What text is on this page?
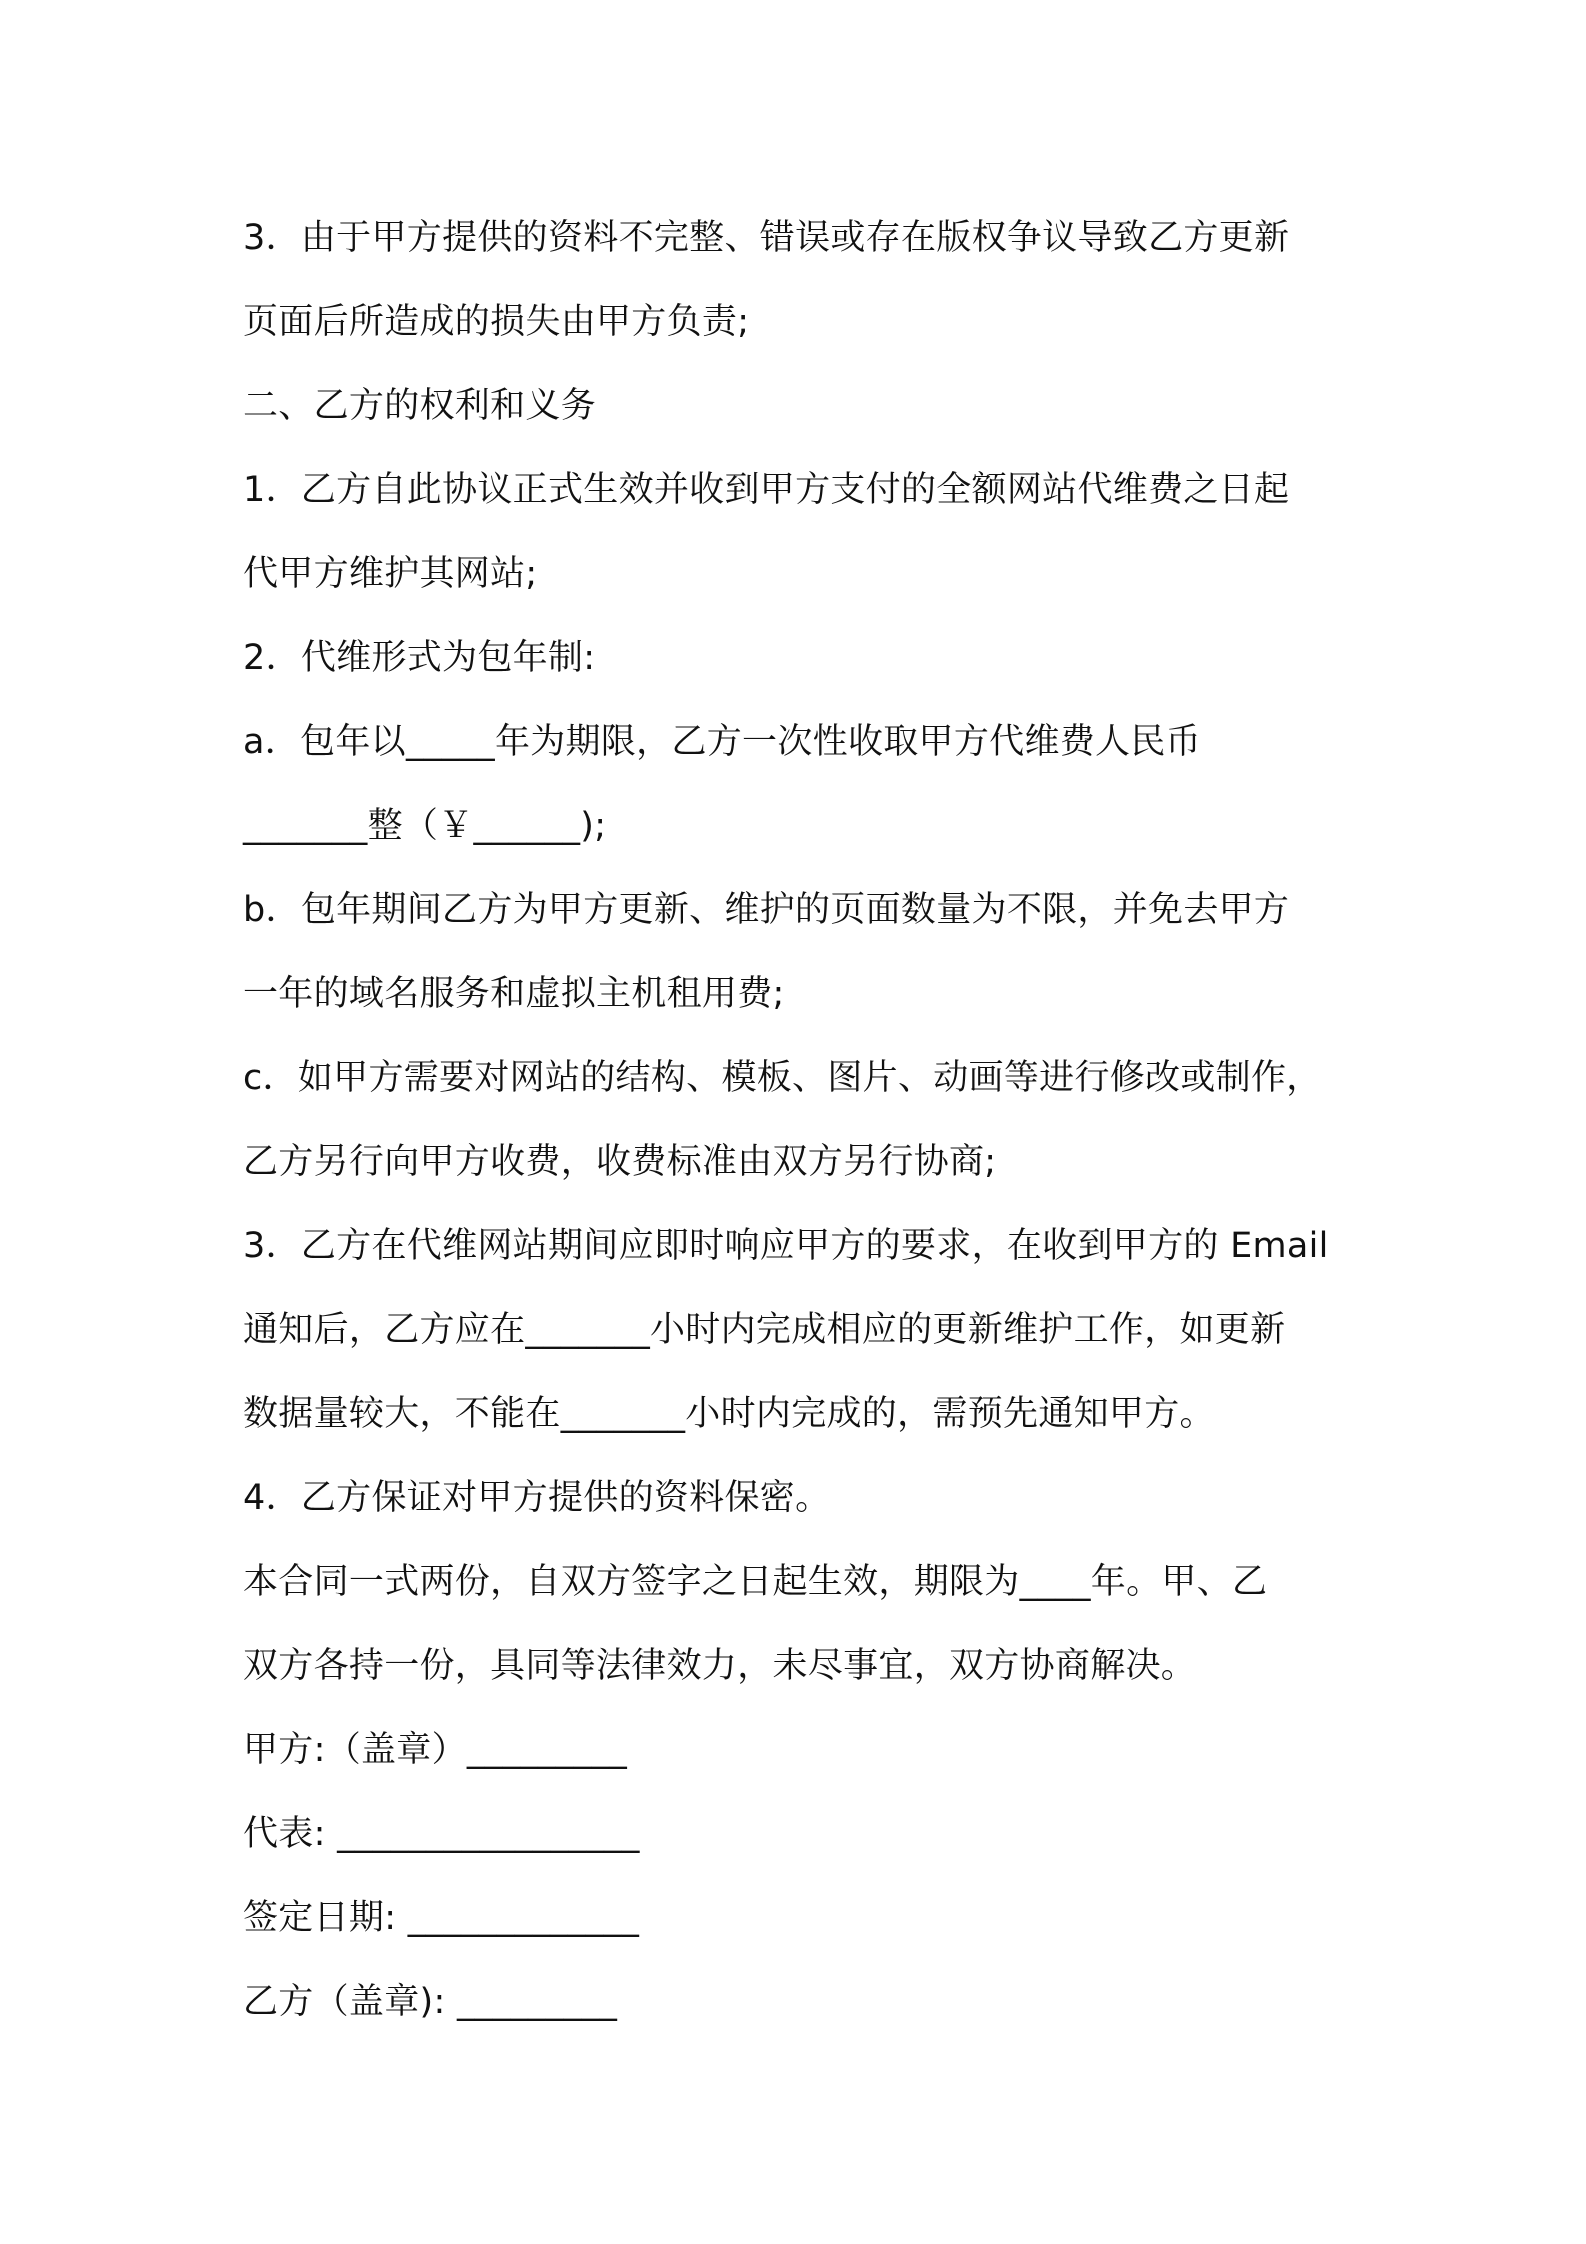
3．由于甲方提供的资料不完整、错误或存在版权争议导致乙方更新
页面后所造成的损失由甲方负责;
二、乙方的权利和义务
1．乙方自此协议正式生效并收到甲方支付的全额网站代维费之日起
代甲方维护其网站;
2．代维形式为包年制:
a．包年以_____年为期限，乙方一次性收取甲方代维费人民币
_______整（￥______);
b．包年期间乙方为甲方更新、维护的页面数量为不限，并免去甲方
一年的域名服务和虚拟主机租用费;
c．如甲方需要对网站的结构、模板、图片、动画等进行修改或制作，
乙方另行向甲方收费，收费标准由双方另行协商;
3．乙方在代维网站期间应即时响应甲方的要求，在收到甲方的 Email
通知后，乙方应在_______小时内完成相应的更新维护工作，如更新
数据量较大，不能在_______小时内完成的，需预先通知甲方。
4．乙方保证对甲方提供的资料保密。
本合同一式两份，自双方签字之日起生效，期限为____年。甲、乙
双方各持一份，具同等法律效力，未尽事宜，双方协商解决。
甲方:（盖章）_________
代表: _________________
签定日期: _____________
乙方（盖章): _________
